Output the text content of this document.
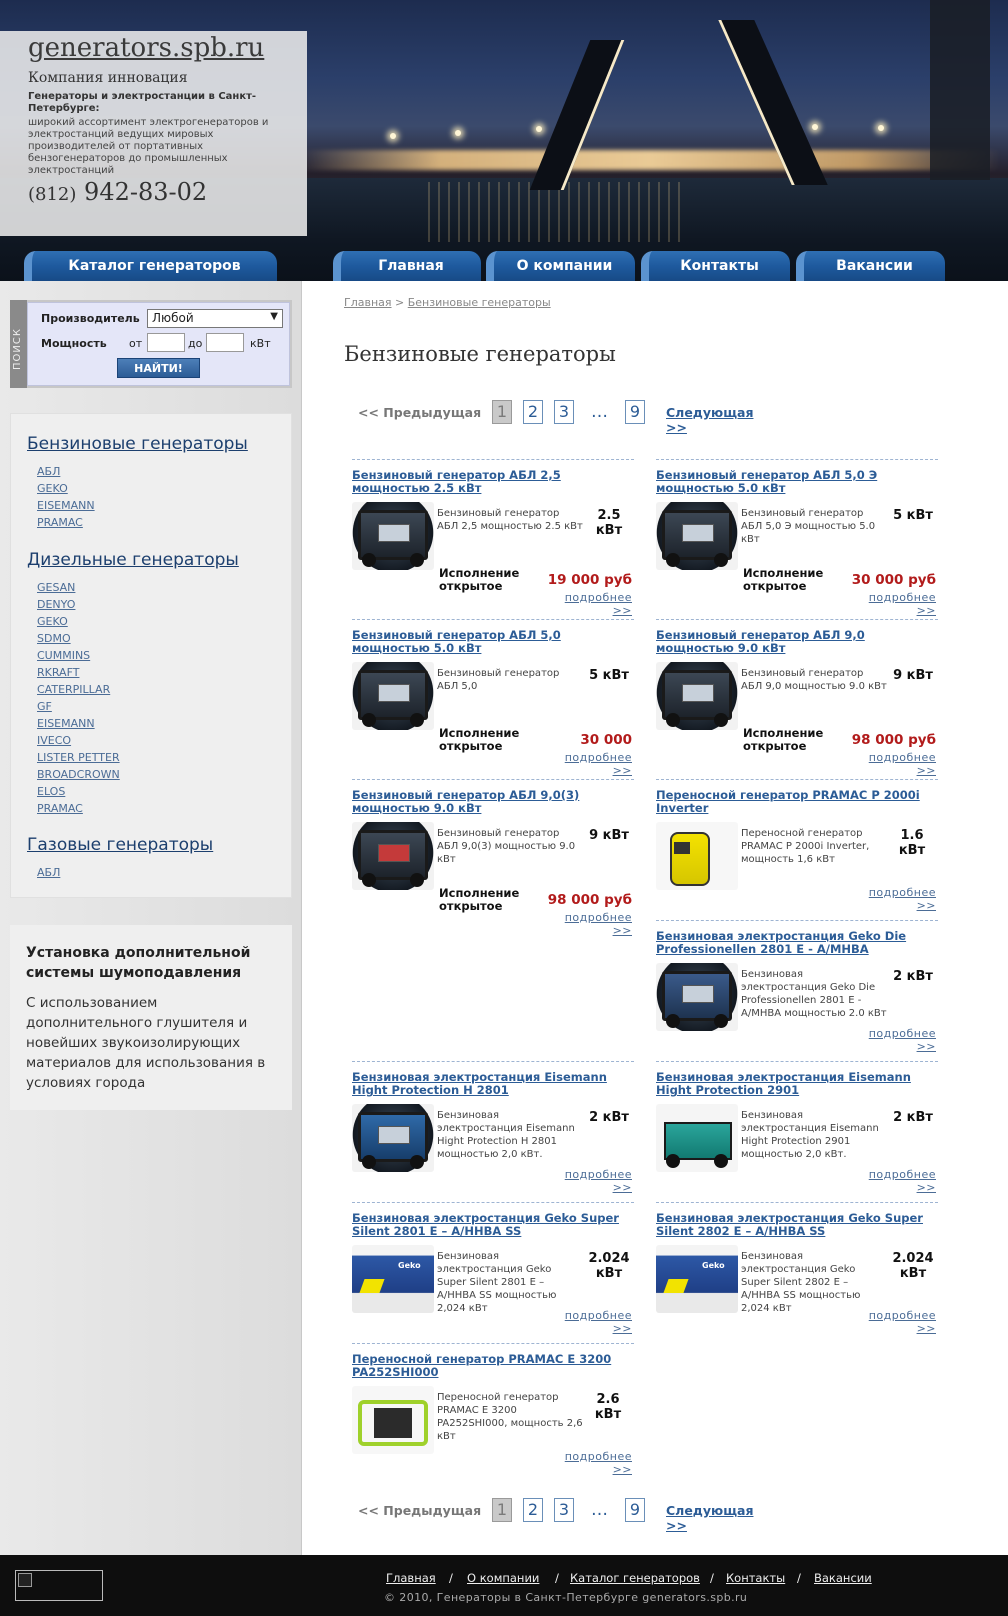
generators.spb.ru
Компания инновация
Генераторы и электростанции в Санкт-Петербурге:
широкий ассортимент электрогенераторов и электростанций ведущих мировых производителей от портативных бензогенераторов до промышленных электростанций
(812) 942-83-02
Каталог генераторов	Главная	О компании	Контакты	Вакансии
ПОИСК
Производитель	Любой	▼
Мощность от	до	кВт
НАЙТИ!
Бензиновые генераторы
АБЛ
GEKO
EISEMANN
PRAMAC
Дизельные генераторы
GESAN
DENYO
GEKO
SDMO
CUMMINS
RKRAFT
CATERPILLAR
GF
EISEMANN
IVECO
LISTER PETTER
BROADCROWN
ELOS
PRAMAC
Газовые генераторы
АБЛ
Установка дополнительной системы шумоподавления
С использованием дополнительного глушителя и новейших звукоизолирующих материалов для использования в условиях города
Главная > Бензиновые генераторы
Бензиновые генераторы
<< Предыдущая 1	2	3 …	9	Следующая >>
Бензиновый генератор АБЛ 2,5 мощностью 2.5 кВт
Бензиновый генератор АБЛ 2,5 мощностью 2.5 кВт
2.5 кВт
Исполнение открытое	19 000 руб
подробнее >>
Бензиновый генератор АБЛ 5,0 Э мощностью 5.0 кВт
Бензиновый генератор АБЛ 5,0 Э мощностью 5.0 кВт
5 кВт
Исполнение открытое	30 000 руб
подробнее >>
Бензиновый генератор АБЛ 5,0 мощностью 5.0 кВт
Бензиновый генератор АБЛ 5,0
5 кВт
Исполнение открытое	30 000
подробнее >>
Бензиновый генератор АБЛ 9,0 мощностью 9.0 кВт
Бензиновый генератор АБЛ 9,0 мощностью 9.0 кВт
9 кВт
Исполнение открытое	98 000 руб
подробнее >>
Бензиновый генератор АБЛ 9,0(3) мощностью 9.0 кВт
Бензиновый генератор АБЛ 9,0(3) мощностью 9.0 кВт
9 кВт
Исполнение открытое	98 000 руб
подробнее >>
Переносной генератор PRAMAC P 2000i Inverter
Переносной генератор PRAMAC P 2000i Inverter, мощность 1,6 кВт
1.6 кВт
подробнее >>
Бензиновая электростанция Geko Die Professionellen 2801 E - A/MHBA
Бензиновая электростанция Geko Die Professionellen 2801 E - A/MHBA мощностью 2.0 кВт
2 кВт
подробнее >>
Бензиновая электростанция Eisemann Hight Protection H 2801
Бензиновая электростанция Eisemann Hight Protection H 2801 мощностью 2,0 кВт.
2 кВт
подробнее >>
Бензиновая электростанция Eisemann Hight Protection 2901
Бензиновая электростанция Eisemann Hight Protection 2901 мощностью 2,0 кВт.
2 кВт
подробнее >>
Бензиновая электростанция Geko Super Silent 2801 E – A/HHBA SS
Geko
Бензиновая электростанция Geko Super Silent 2801 E – A/HHBA SS мощностью 2,024 кВт
2.024 кВт
подробнее >>
Бензиновая электростанция Geko Super Silent 2802 E – A/HHBA SS
Geko
Бензиновая электростанция Geko Super Silent 2802 E – A/HHBA SS мощностью 2,024 кВт
2.024 кВт
подробнее >>
Переносной генератор PRAMAC E 3200 PA252SHI000
Переносной генератор PRAMAC E 3200 PA252SHI000, мощность 2,6 кВт
2.6 кВт
подробнее >>
<< Предыдущая 1	2	3 …	9	Следующая >>
Главная / О компании / Каталог генераторов / Контакты / Вакансии
© 2010, Генераторы в Санкт-Петербурге generators.spb.ru
